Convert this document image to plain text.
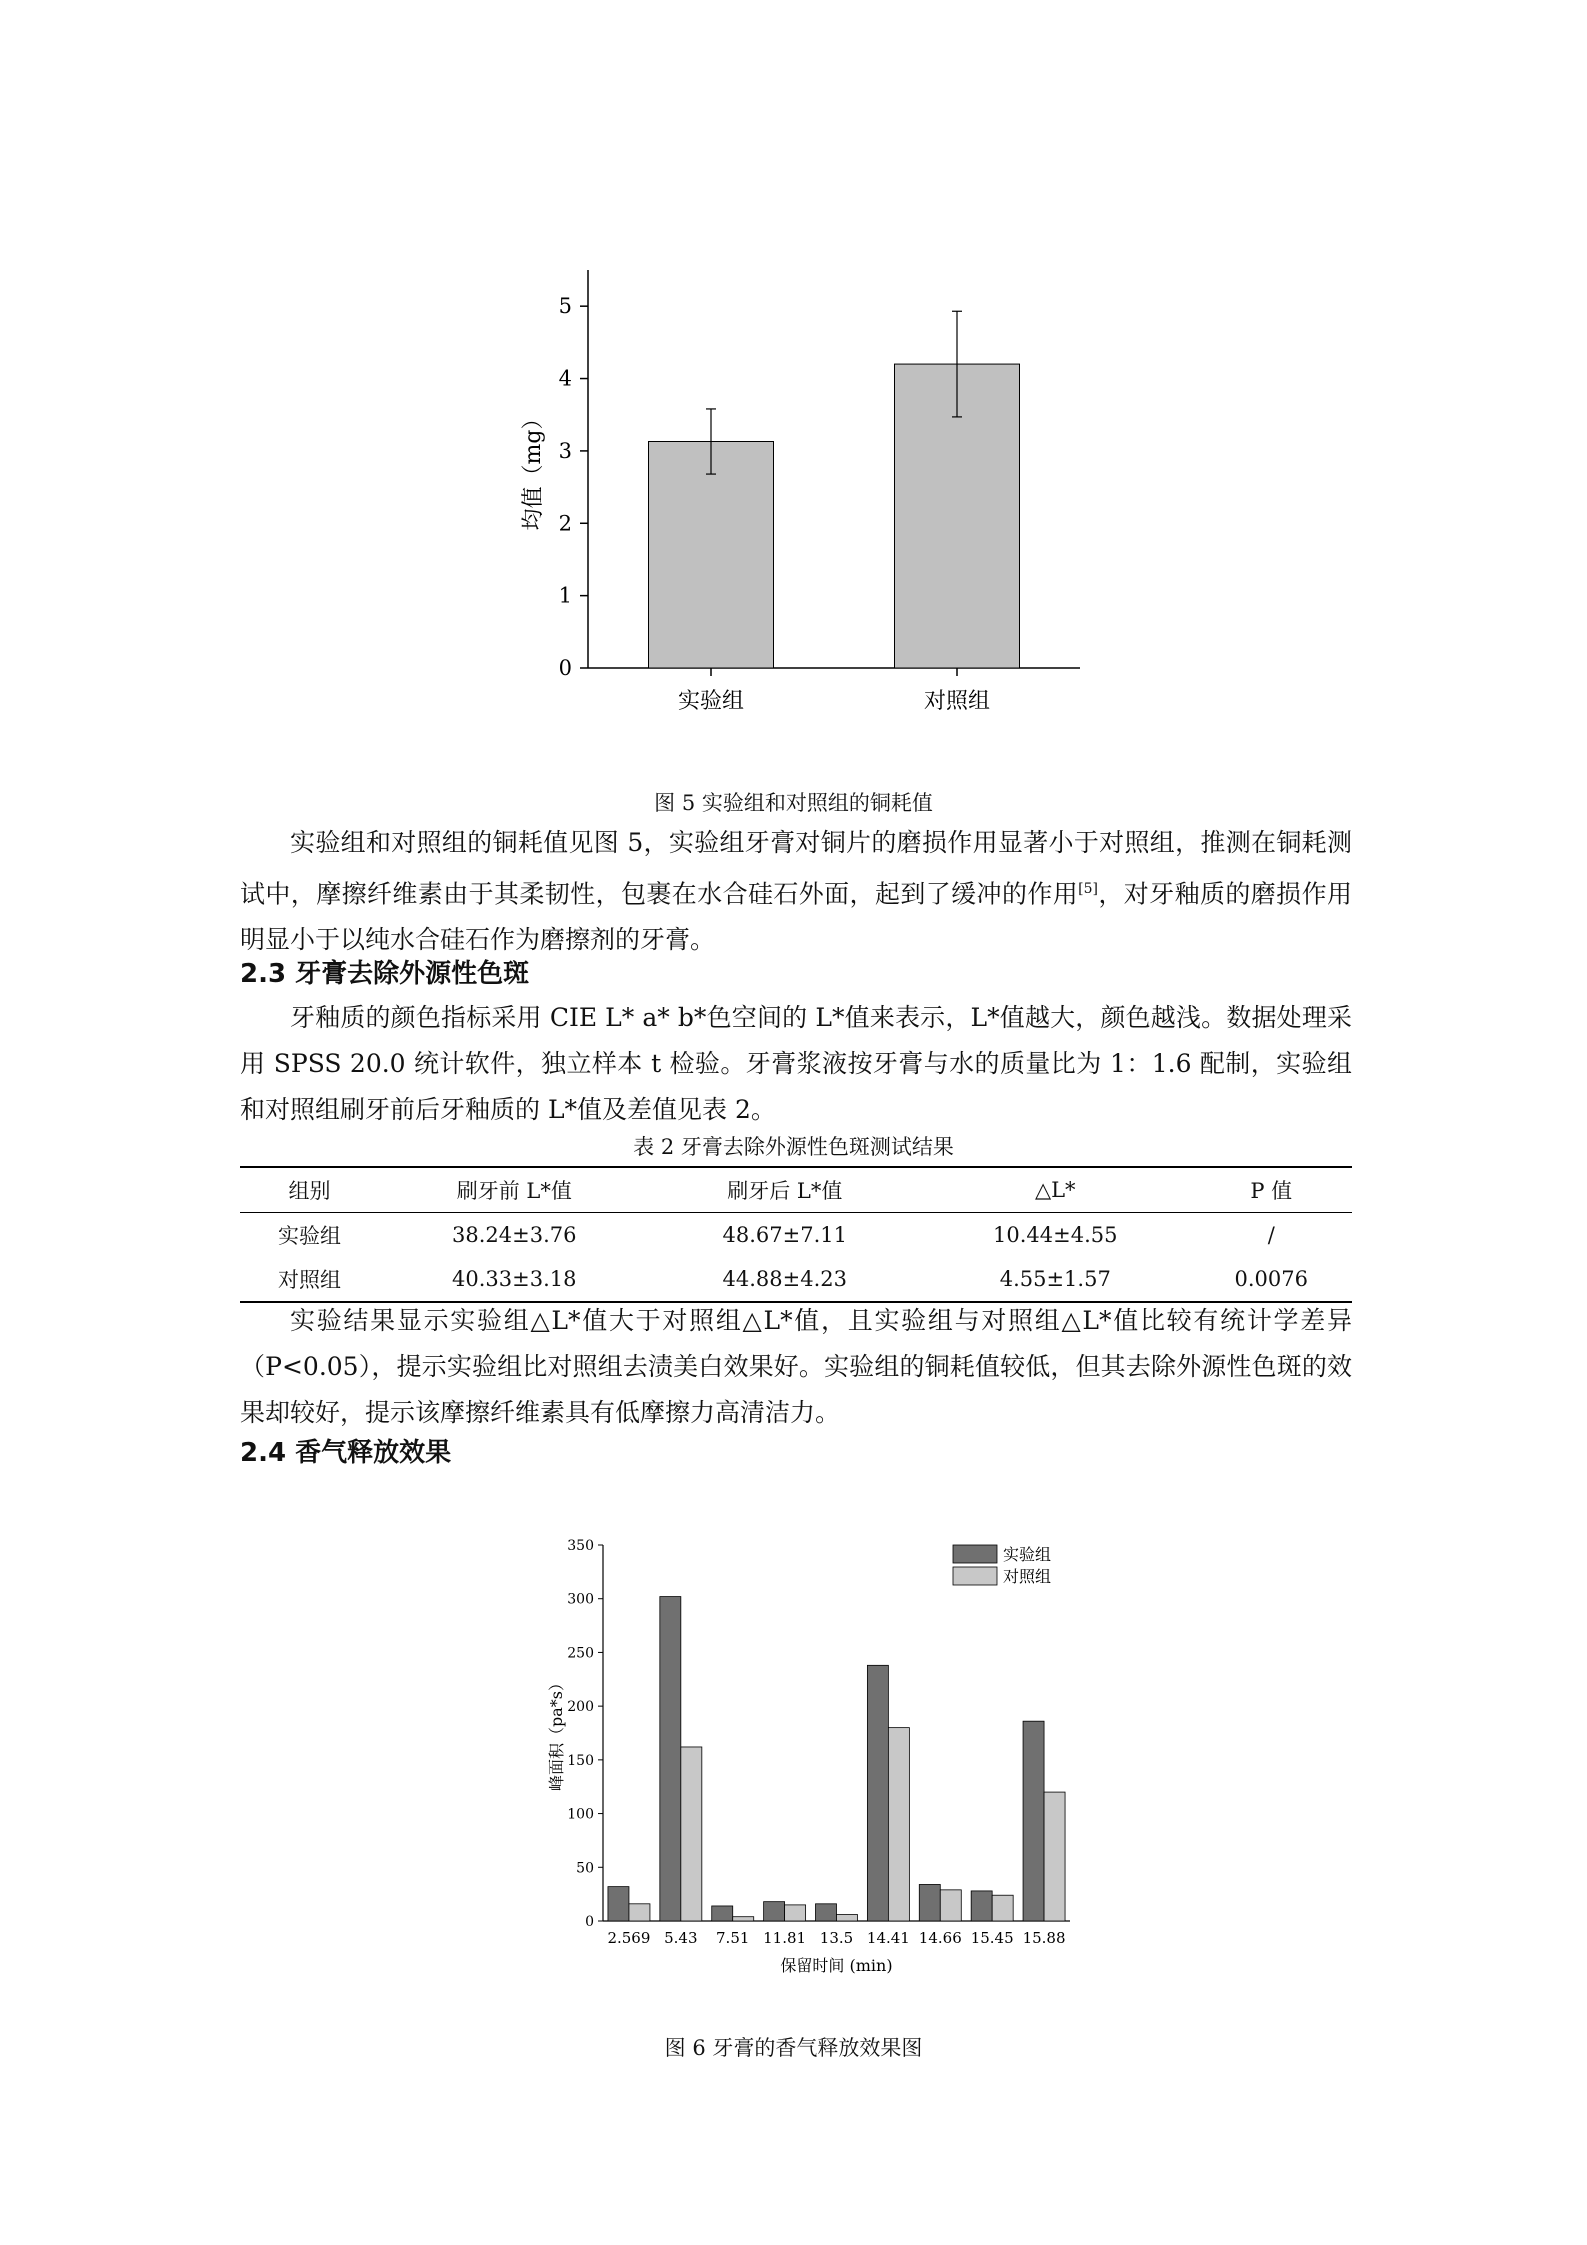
0
1
2
3
4
5
实验组	对照组
均值（mg）

图 5 实验组和对照组的铜耗值

实验组和对照组的铜耗值见图 5，实验组牙膏对铜片的磨损作用显著小于对照组，推测在铜耗测试中，摩擦纤维素由于其柔韧性，包裹在水合硅石外面，起到了缓冲的作用[5]，对牙釉质的磨损作用明显小于以纯水合硅石作为磨擦剂的牙膏。

2.3 牙膏去除外源性色斑

牙釉质的颜色指标采用 CIE L* a* b*色空间的 L*值来表示，L*值越大，颜色越浅。数据处理采用 SPSS 20.0 统计软件，独立样本 t 检验。牙膏浆液按牙膏与水的质量比为 1：1.6 配制，实验组和对照组刷牙前后牙釉质的 L*值及差值见表 2。

表 2 牙膏去除外源性色斑测试结果

组别	刷牙前 L*值	刷牙后 L*值	△L*	P 值
实验组	38.24±3.76	48.67±7.11	10.44±4.55	/
对照组	40.33±3.18	44.88±4.23	4.55±1.57	0.0076

实验结果显示实验组△L*值大于对照组△L*值，且实验组与对照组△L*值比较有统计学差异（P<0.05），提示实验组比对照组去渍美白效果好。实验组的铜耗值较低，但其去除外源性色斑的效果却较好，提示该摩擦纤维素具有低摩擦力高清洁力。

2.4 香气释放效果

0
50
100
150
200
250
300
350
2.569 5.43 7.51 11.81 13.5 14.41 14.66 15.45 15.88
保留时间 (min)
峰面积（pa*s）
实验组
对照组

图 6 牙膏的香气释放效果图
